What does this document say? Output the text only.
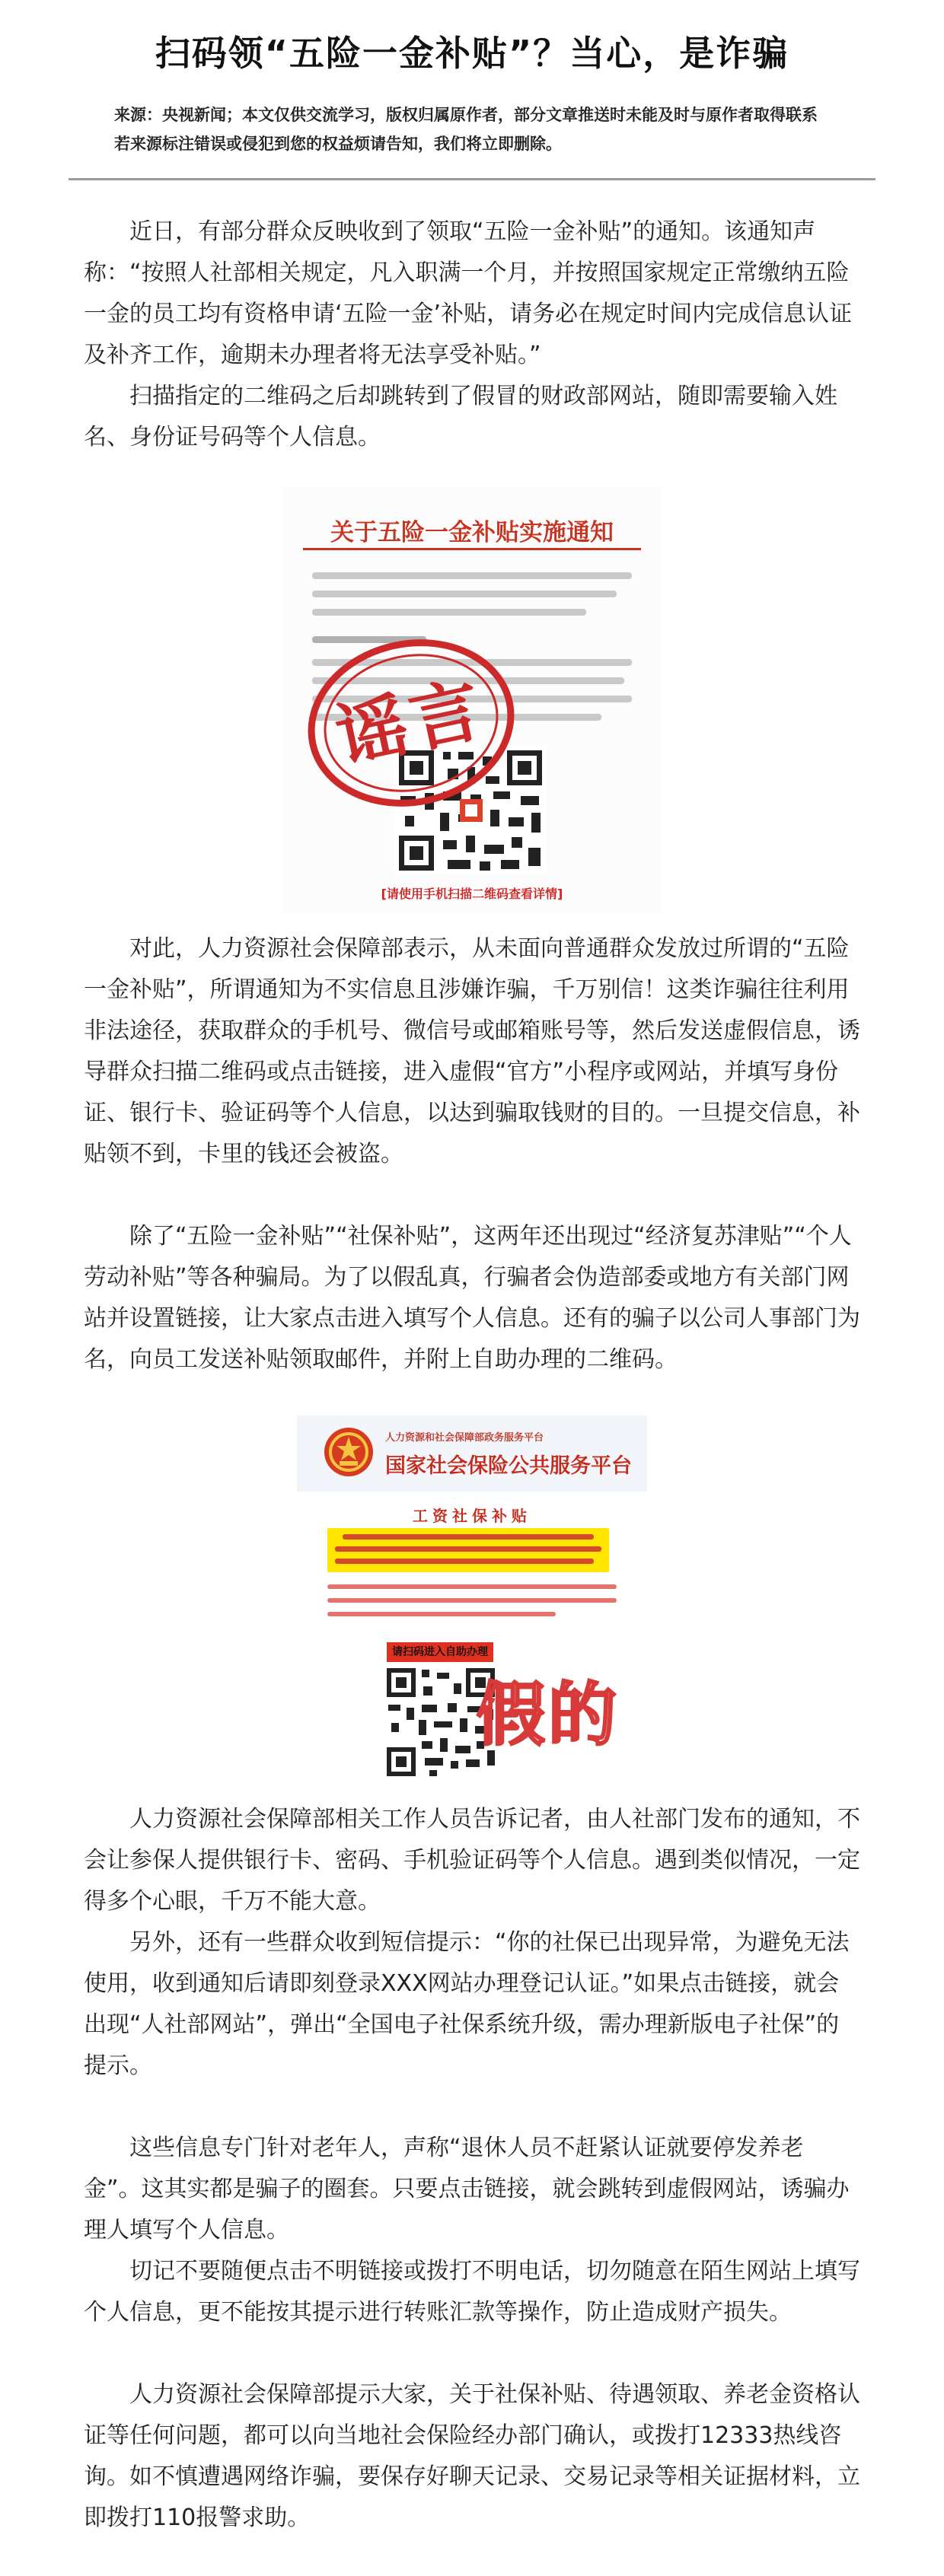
扫码领“五险一金补贴”？当心，是诈骗
来源：央视新闻；本文仅供交流学习，版权归属原作者，部分文章推送时未能及时与原作者取得联系若来源标注错误或侵犯到您的权益烦请告知，我们将立即删除。

近日，有部分群众反映收到了领取“五险一金补贴”的通知。该通知声称：“按照人社部相关规定，凡入职满一个月，并按照国家规定正常缴纳五险一金的员工均有资格申请‘五险一金’补贴，请务必在规定时间内完成信息认证及补齐工作，逾期未办理者将无法享受补贴。”

扫描指定的二维码之后却跳转到了假冒的财政部网站，随即需要输入姓名、身份证号码等个人信息。

关于五险一金补贴实施通知
谣言
[请使用手机扫描二维码查看详情]

对此，人力资源社会保障部表示，从未面向普通群众发放过所谓的“五险一金补贴”，所谓通知为不实信息且涉嫌诈骗，千万别信！这类诈骗往往利用非法途径，获取群众的手机号、微信号或邮箱账号等，然后发送虚假信息，诱导群众扫描二维码或点击链接，进入虚假“官方”小程序或网站，并填写身份证、银行卡、验证码等个人信息，以达到骗取钱财的目的。一旦提交信息，补贴领不到，卡里的钱还会被盗。

除了“五险一金补贴”“社保补贴”，这两年还出现过“经济复苏津贴”“个人劳动补贴”等各种骗局。为了以假乱真，行骗者会伪造部委或地方有关部门网站并设置链接，让大家点击进入填写个人信息。还有的骗子以公司人事部门为名，向员工发送补贴领取邮件，并附上自助办理的二维码。

人力资源和社会保障部政务服务平台
国家社会保险公共服务平台
工资社保补贴
请扫码进入自助办理
假的

人力资源社会保障部相关工作人员告诉记者，由人社部门发布的通知，不会让参保人提供银行卡、密码、手机验证码等个人信息。遇到类似情况，一定得多个心眼，千万不能大意。

另外，还有一些群众收到短信提示：“你的社保已出现异常，为避免无法使用，收到通知后请即刻登录XXX网站办理登记认证。”如果点击链接，就会出现“人社部网站”，弹出“全国电子社保系统升级，需办理新版电子社保”的提示。

这些信息专门针对老年人，声称“退休人员不赶紧认证就要停发养老金”。这其实都是骗子的圈套。只要点击链接，就会跳转到虚假网站，诱骗办理人填写个人信息。

切记不要随便点击不明链接或拨打不明电话，切勿随意在陌生网站上填写个人信息，更不能按其提示进行转账汇款等操作，防止造成财产损失。

人力资源社会保障部提示大家，关于社保补贴、待遇领取、养老金资格认证等任何问题，都可以向当地社会保险经办部门确认，或拨打12333热线咨询。如不慎遭遇网络诈骗，要保存好聊天记录、交易记录等相关证据材料，立即拨打110报警求助。
